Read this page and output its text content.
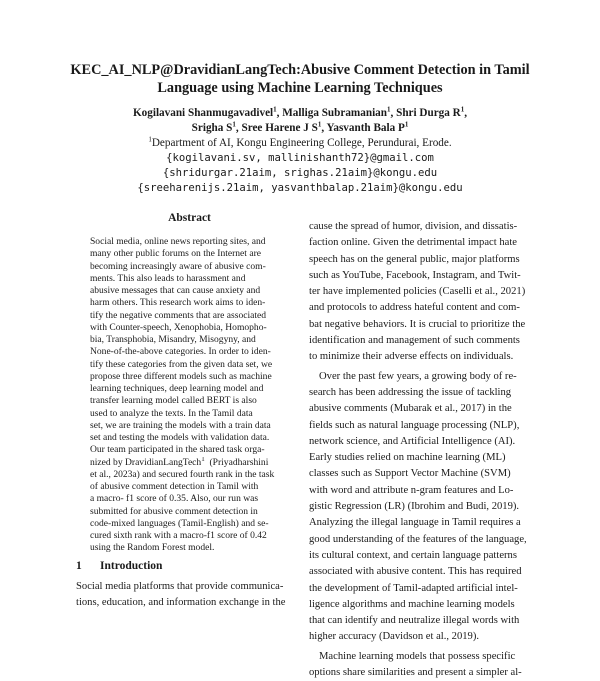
KEC_AI_NLP@DravidianLangTech:Abusive Comment Detection in Tamil
Language using Machine Learning Techniques
Kogilavani Shanmugavadivel$^1$, Malliga Subramanian$^1$, Shri Durga $R^1$,
Srigha $S^1$, Sree Harene J $S^1$, Yasvanth Bala $P^1$
$^1$Department of AI, Kongu Engineering College, Perundurai, Erode.
{kogilavani.sv, mallinishanth72}@gmail.com
{shridurgar.21aim, srighas.21aim}@kongu.edu
{sreeharenijs.21aim, yasvanthbalap.21aim}@kongu.edu
Abstract
Social media, online news reporting sites, and
many other public forums on the Internet are
becoming increasingly aware of abusive com-
ments. This also leads to harassment and
abusive messages that can cause anxiety and
harm others. This research work aims to iden-
tify the negative comments that are associated
with Counter-speech, Xenophobia, Homopho-
bia, Transphobia, Misandry, Misogyny, and
None-of-the-above categories. In order to iden-
tify these categories from the given data set, we
propose three different models such as machine
learning techniques, deep learning model and
transfer learning model called BERT is also
used to analyze the texts. In the Tamil data
set, we are training the models with a train data
set and testing the models with validation data.
Our team participated in the shared task orga-
nized by DravidianLangTech$^1$ (Priyadharshini
et al., 2023a) and secured fourth rank in the task
of abusive comment detection in Tamil with
a macro- f1 score of 0.35. Also, our run was
submitted for abusive comment detection in
code-mixed languages (Tamil-English) and se-
cured sixth rank with a macro-f1 score of 0.42
using the Random Forest model.
1 Introduction
Social media platforms that provide communica-
tions, education, and information exchange in the
cause the spread of humor, division, and dissatis-
faction online. Given the detrimental impact hate
speech has on the general public, major platforms
such as YouTube, Facebook, Instagram, and Twit-
ter have implemented policies (Caselli et al., 2021)
and protocols to address hateful content and com-
bat negative behaviors. It is crucial to prioritize the
identification and management of such comments
to minimize their adverse effects on individuals.
Over the past few years, a growing body of re-
search has been addressing the issue of tackling
abusive comments (Mubarak et al., 2017) in the
fields such as natural language processing (NLP),
network science, and Artificial Intelligence (AI).
Early studies relied on machine learning (ML)
classes such as Support Vector Machine (SVM)
with word and attribute n-gram features and Lo-
gistic Regression (LR) (Ibrohim and Budi, 2019).
Analyzing the illegal language in Tamil requires a
good understanding of the features of the language,
its cultural context, and certain language patterns
associated with abusive content. This has required
the development of Tamil-adapted artificial intel-
ligence algorithms and machine learning models
that can identify and neutralize illegal words with
higher accuracy (Davidson et al., 2019).
Machine learning models that possess specific
options share similarities and present a simpler al-
